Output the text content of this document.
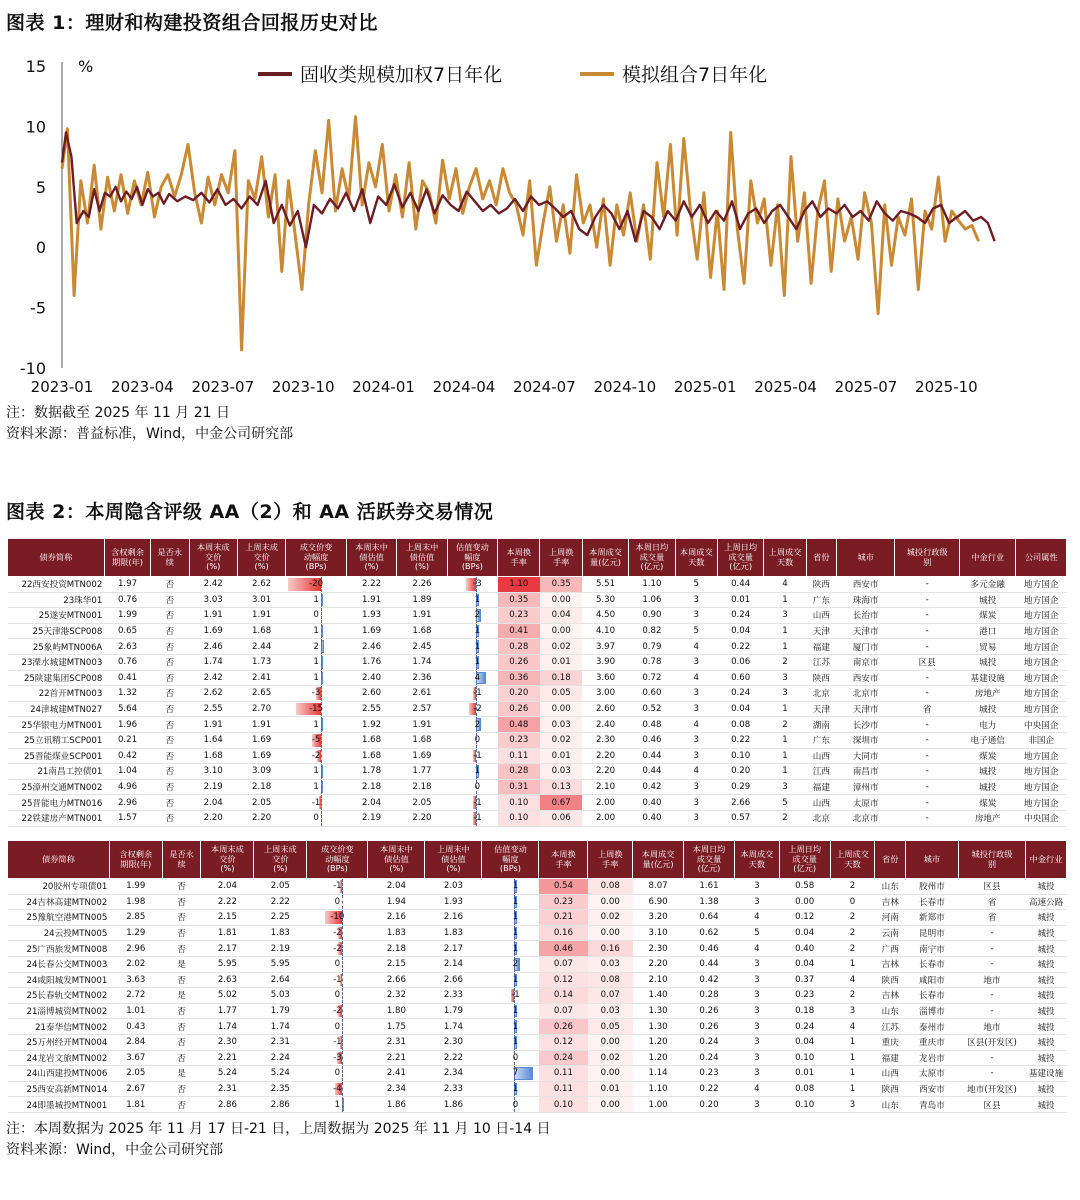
图表 1：理财和构建投资组合回报历史对比
15
10
5
0
-5
-10
%
2023-01 2023-04 2023-07 2023-10 2024-01 2024-04 2024-07 2024-10 2025-01 2025-04 2025-07 2025-10
固收类规模加权7日年化	模拟组合7日年化
注：数据截至 2025 年 11 月 21 日
资料来源：普益标准，Wind，中金公司研究部
图表 2：本周隐含评级 AA（2）和 AA 活跃券交易情况
债券简称	含权剩余
期限(年)	是否永
续	本周末成
交价
(%)	上周末成
交价
(%)	成交价变
动幅度
(BPs)	本周末中
债估值
(%)	上周末中
债估值
(%)	估值变动
幅度
(BPs)	本周换
手率	上周换
手率	本周成交
量(亿元)	本周日均
成交量
(亿元)	本周成交
天数	上周日均
成交量
(亿元)	上周成交
天数	省份	城市	城投行政级
别	中金行业	公司属性
22西安投资MTN002	1.97	否	2.42	2.62	-20	2.22	2.26	-3	1.10	0.35	5.51	1.10	5	0.44	4	陕西	西安市	-	多元金融	地方国企
23珠华01	0.76	否	3.03	3.01	1	1.91	1.89	1	0.35	0.00	5.30	1.06	3	0.01	1	广东	珠海市	-	城投	地方国企
25遂安MTN001	1.99	否	1.91	1.91	0	1.93	1.91	2	0.23	0.04	4.50	0.90	3	0.24	3	山西	长治市	-	煤炭	地方国企
25天津港SCP008	0.65	否	1.69	1.68	1	1.69	1.68	1	0.41	0.00	4.10	0.82	5	0.04	1	天津	天津市	-	港口	地方国企
25象屿MTN006A	2.63	否	2.46	2.44	2	2.46	2.45	1	0.28	0.02	3.97	0.79	4	0.22	1	福建	厦门市	-	贸易	地方国企
23溧水城建MTN003	0.76	否	1.74	1.73	1	1.76	1.74	1	0.26	0.01	3.90	0.78	3	0.06	2	江苏	南京市	区县	城投	地方国企
25陕建集团SCP008	0.41	否	2.42	2.41	1	2.40	2.36	4	0.36	0.18	3.60	0.72	4	0.60	3	陕西	西安市	-	基建设施	地方国企
22首开MTN003	1.32	否	2.62	2.65	-3	2.60	2.61	-1	0.20	0.05	3.00	0.60	3	0.24	3	北京	北京市	-	房地产	地方国企
24津城建MTN027	5.64	否	2.55	2.70	-15	2.55	2.57	-2	0.26	0.00	2.60	0.52	3	0.04	1	天津	天津市	省	城投	地方国企
25华银电力MTN001	1.96	否	1.91	1.91	1	1.92	1.91	2	0.48	0.03	2.40	0.48	4	0.08	2	湖南	长沙市	-	电力	中央国企
25立讯精工SCP001	0.21	否	1.64	1.69	-5	1.68	1.68	0	0.23	0.02	2.30	0.46	3	0.22	1	广东	深圳市	-	电子通信	非国企
25晋能煤业SCP001	0.42	否	1.68	1.69	-2	1.68	1.69	-1	0.11	0.01	2.20	0.44	3	0.10	1	山西	大同市	-	煤炭	地方国企
21南昌工控债01	1.04	否	3.10	3.09	1	1.78	1.77	1	0.28	0.03	2.20	0.44	4	0.20	1	江西	南昌市	-	城投	地方国企
25漳州交通MTN002	4.96	否	2.19	2.18	1	2.18	2.18	0	0.31	0.13	2.10	0.42	3	0.29	3	福建	漳州市	-	城投	地方国企
25晋能电力MTN016	2.96	否	2.04	2.05	-1	2.04	2.05	-1	0.10	0.67	2.00	0.40	3	2.66	5	山西	太原市	-	煤炭	地方国企
22铁建房产MTN001	1.57	否	2.20	2.20	0	2.19	2.20	-1	0.10	0.06	2.00	0.40	3	0.57	2	北京	北京市	-	房地产	中央国企
债券简称	含权剩余
期限(年)	是否永
续	本周末成
交价
(%)	上周末成
交价
(%)	成交价变
动幅度
(BPs)	本周末中
债估值
(%)	上周末中
债估值
(%)	估值变动
幅度
(BPs)	本周换
手率	上周换
手率	本周成交
量(亿元)	本周日均
成交量
(亿元)	本周成交
天数	上周日均
成交量
(亿元)	上周成交
天数	省份	城市	城投行政级
别	中金行业
20胶州专项债01	1.99	否	2.04	2.05	-1	2.04	2.03	1	0.54	0.08	8.07	1.61	3	0.58	2	山东	胶州市	区县	城投
24吉林高建MTN002	1.98	否	2.22	2.22	0	1.94	1.93	1	0.23	0.00	6.90	1.38	3	0.00	0	吉林	长春市	省	高速公路
25豫航空港MTN005	2.85	否	2.15	2.25	-10	2.16	2.16	1	0.21	0.02	3.20	0.64	4	0.12	2	河南	新郑市	省	城投
24云投MTN005	1.29	否	1.81	1.83	-2	1.83	1.83	1	0.16	0.00	3.10	0.62	5	0.04	2	云南	昆明市	-	城投
25广西旅发MTN008	2.96	否	2.17	2.19	-2	2.18	2.17	1	0.46	0.16	2.30	0.46	4	0.40	2	广西	南宁市	-	城投
24长春公交MTN003	2.02	是	5.95	5.95	0	2.15	2.14	2	0.07	0.03	2.20	0.44	3	0.04	1	吉林	长春市	-	城投
24咸阳城发MTN001	3.63	否	2.63	2.64	-1	2.66	2.66	1	0.12	0.08	2.10	0.42	3	0.37	4	陕西	咸阳市	地市	城投
25长春轨交MTN002	2.72	是	5.02	5.03	0	2.32	2.33	-1	0.14	0.07	1.40	0.28	3	0.23	2	吉林	长春市	-	城投
21淄博城资MTN002	1.01	否	1.77	1.79	-2	1.80	1.79	1	0.07	0.03	1.30	0.26	3	0.18	3	山东	淄博市	-	城投
21泰华信MTN002	0.43	否	1.74	1.74	0	1.75	1.74	1	0.26	0.05	1.30	0.26	3	0.24	4	江苏	泰州市	地市	城投
25万州经开MTN004	2.84	否	2.30	2.31	-1	2.31	2.30	1	0.12	0.00	1.20	0.24	3	0.04	1	重庆	重庆市	区县(开发区)	城投
24龙岩文旅MTN002	3.67	否	2.21	2.24	-3	2.21	2.22	0	0.24	0.02	1.20	0.24	3	0.10	1	福建	龙岩市	-	城投
24山西建投MTN006	2.05	是	5.24	5.24	0	2.41	2.34	7	0.11	0.00	1.14	0.23	3	0.01	1	山西	太原市	-	基建设施
25西安高新MTN014	2.67	否	2.31	2.35	-4	2.34	2.33	1	0.11	0.01	1.10	0.22	4	0.08	1	陕西	西安市	地市(开发区)	城投
24即墨城投MTN001	1.81	否	2.86	2.86	1	1.86	1.86	0	0.10	0.00	1.00	0.20	3	0.10	3	山东	青岛市	区县	城投
注：本周数据为 2025 年 11 月 17 日-21 日，上周数据为 2025 年 11 月 10 日-14 日
资料来源：Wind，中金公司研究部
